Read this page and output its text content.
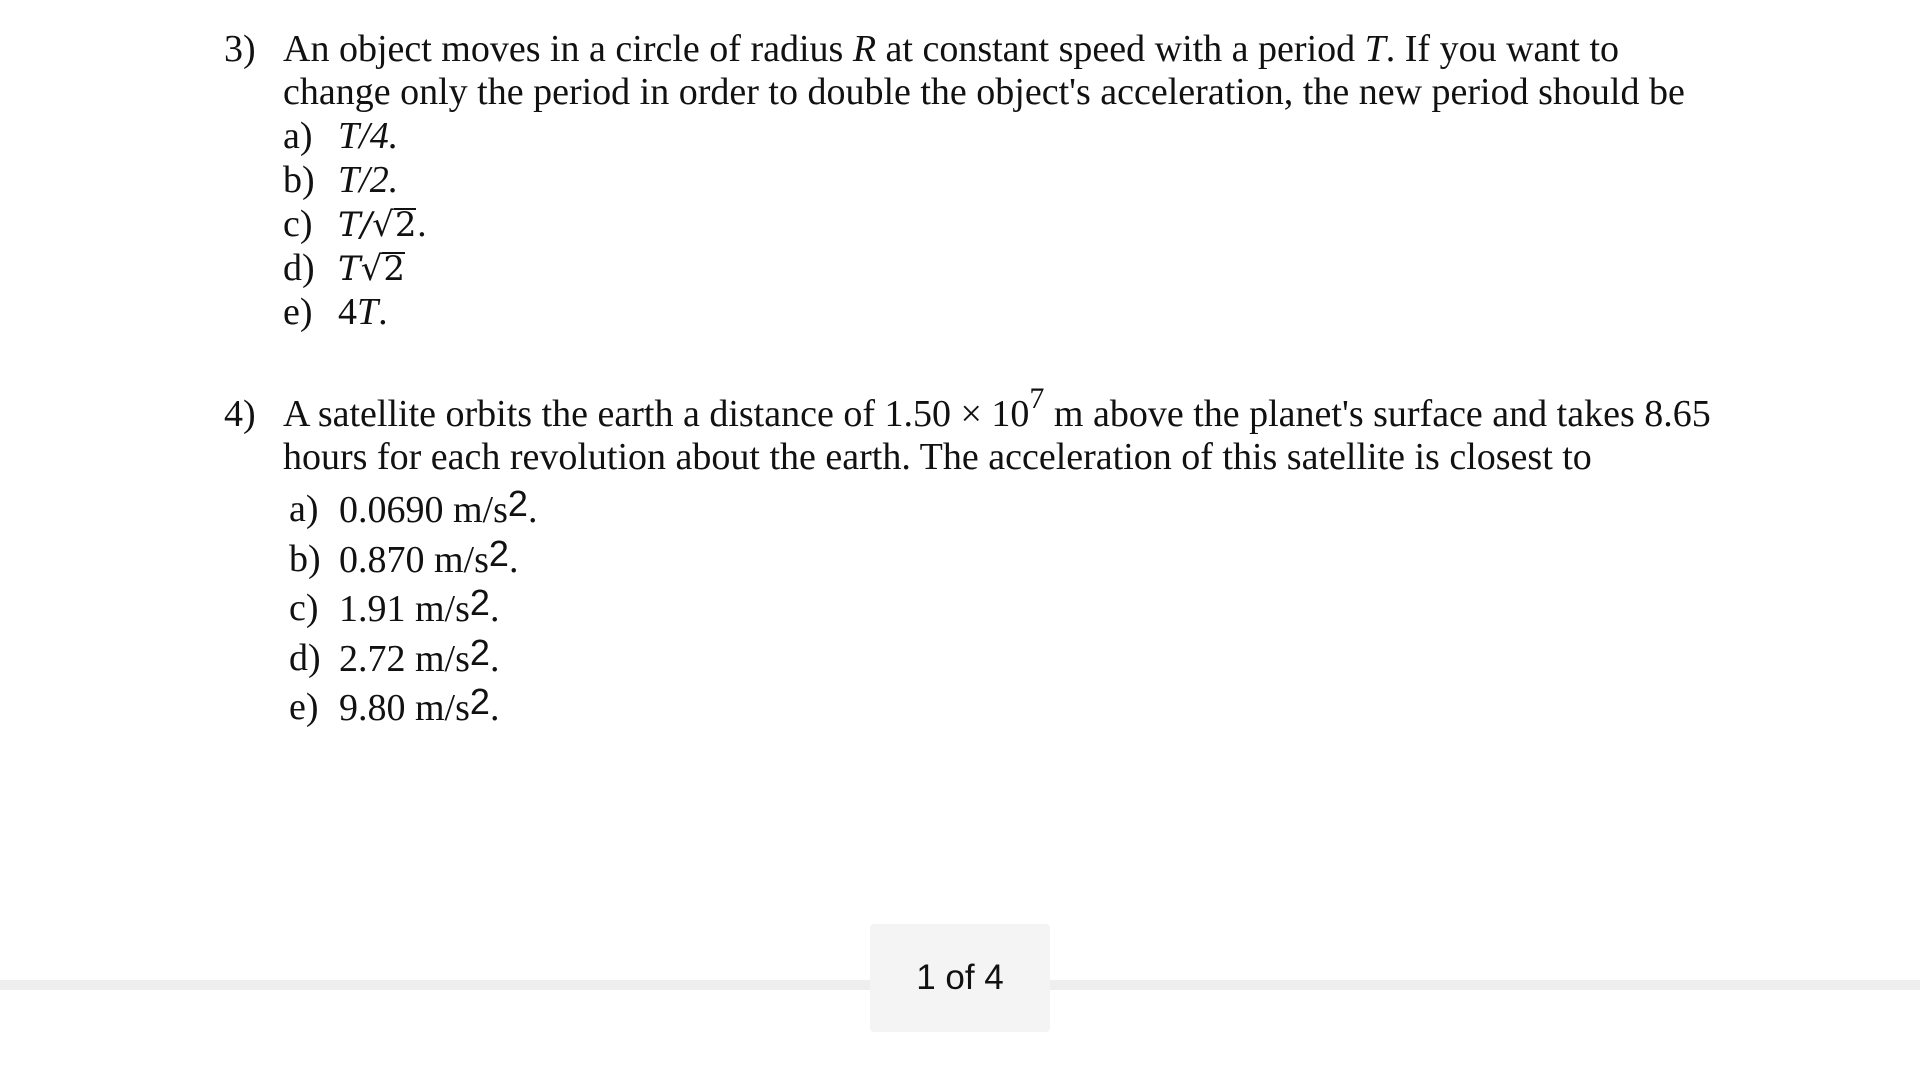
3) An object moves in a circle of radius R at constant speed with a period T. If you want to change only the period in order to double the object's acceleration, the new period should be
a) T/4.
b) T/2.
c) T/√2.
d) T√2
e) 4T.
4) A satellite orbits the earth a distance of $1.50 \times 10^7$ m above the planet's surface and takes 8.65 hours for each revolution about the earth. The acceleration of this satellite is closest to
a) 0.0690 m/s2.
b) 0.870 m/s2.
c) 1.91 m/s2.
d) 2.72 m/s2.
e) 9.80 m/s2.
1 of 4
